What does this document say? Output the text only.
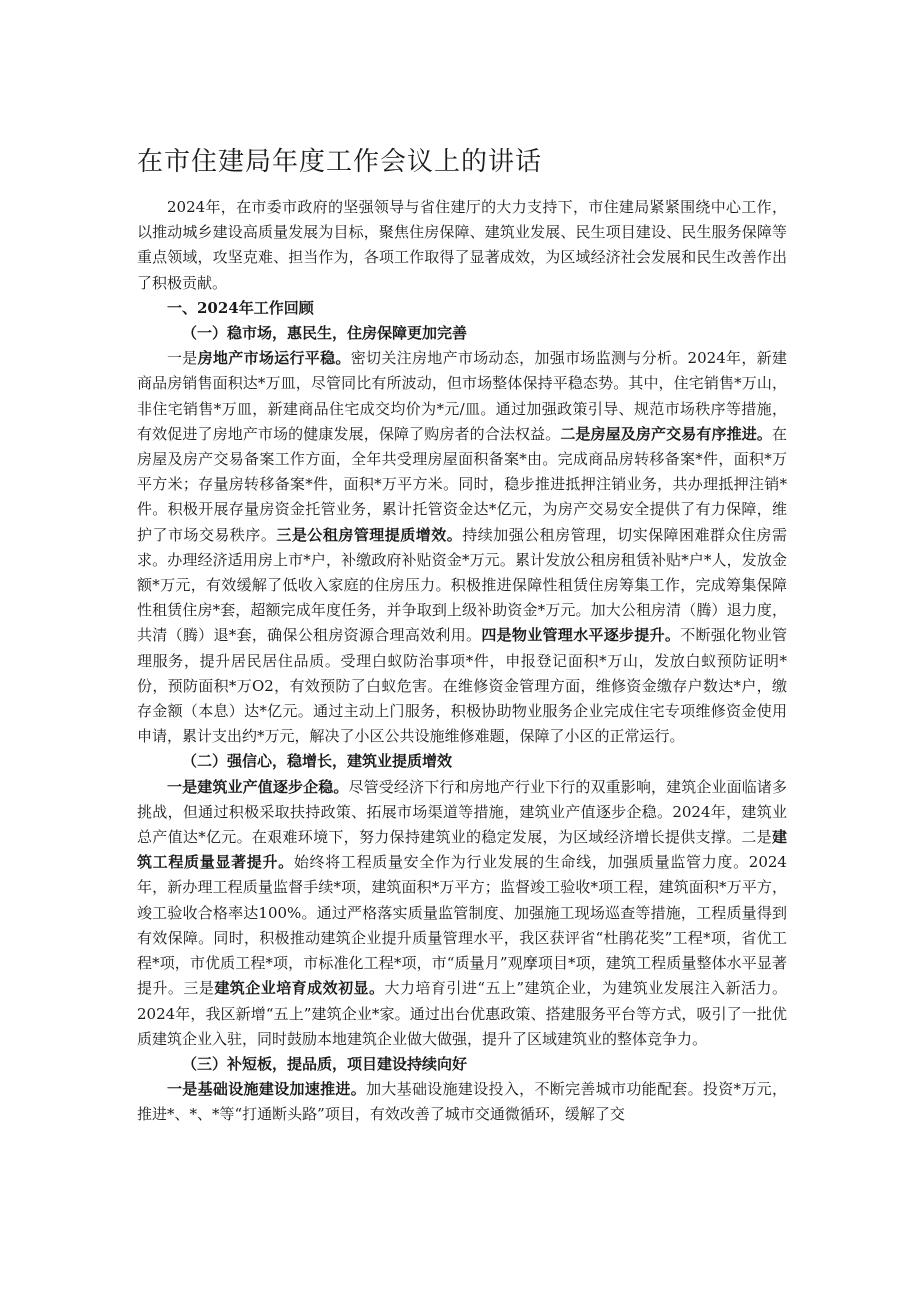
在市住建局年度工作会议上的讲话

2024年，在市委市政府的坚强领导与省住建厅的大力支持下，市住建局紧紧围绕中心工作，以推动城乡建设高质量发展为目标，聚焦住房保障、建筑业发展、民生项目建设、民生服务保障等重点领域，攻坚克难、担当作为，各项工作取得了显著成效，为区域经济社会发展和民生改善作出了积极贡献。

一、2024年工作回顾

（一）稳市场，惠民生，住房保障更加完善

一是房地产市场运行平稳。密切关注房地产市场动态，加强市场监测与分析。2024年，新建商品房销售面积达*万皿，尽管同比有所波动，但市场整体保持平稳态势。其中，住宅销售*万山，非住宅销售*万皿，新建商品住宅成交均价为*元/皿。通过加强政策引导、规范市场秩序等措施，有效促进了房地产市场的健康发展，保障了购房者的合法权益。二是房屋及房产交易有序推进。在房屋及房产交易备案工作方面，全年共受理房屋面积备案*由。完成商品房转移备案*件，面积*万平方米；存量房转移备案*件，面积*万平方米。同时，稳步推进抵押注销业务，共办理抵押注销*件。积极开展存量房资金托管业务，累计托管资金达*亿元，为房产交易安全提供了有力保障，维护了市场交易秩序。三是公租房管理提质增效。持续加强公租房管理，切实保障困难群众住房需求。办理经济适用房上市*户，补缴政府补贴资金*万元。累计发放公租房租赁补贴*户*人，发放金额*万元，有效缓解了低收入家庭的住房压力。积极推进保障性租赁住房筹集工作，完成筹集保障性租赁住房*套，超额完成年度任务，并争取到上级补助资金*万元。加大公租房清（腾）退力度，共清（腾）退*套，确保公租房资源合理高效利用。四是物业管理水平逐步提升。不断强化物业管理服务，提升居民居住品质。受理白蚁防治事项*件，申报登记面积*万山，发放白蚁预防证明*份，预防面积*万O2，有效预防了白蚁危害。在维修资金管理方面，维修资金缴存户数达*户，缴存金额（本息）达*亿元。通过主动上门服务，积极协助物业服务企业完成住宅专项维修资金使用申请，累计支出约*万元，解决了小区公共设施维修难题，保障了小区的正常运行。

（二）强信心，稳增长，建筑业提质增效

一是建筑业产值逐步企稳。尽管受经济下行和房地产行业下行的双重影响，建筑企业面临诸多挑战，但通过积极采取扶持政策、拓展市场渠道等措施，建筑业产值逐步企稳。2024年，建筑业总产值达*亿元。在艰难环境下，努力保持建筑业的稳定发展，为区域经济增长提供支撑。二是建筑工程质量显著提升。始终将工程质量安全作为行业发展的生命线，加强质量监管力度。2024年，新办理工程质量监督手续*项，建筑面积*万平方；监督竣工验收*项工程，建筑面积*万平方，竣工验收合格率达100%。通过严格落实质量监管制度、加强施工现场巡查等措施，工程质量得到有效保障。同时，积极推动建筑企业提升质量管理水平，我区获评省“杜鹃花奖”工程*项，省优工程*项，市优质工程*项，市标准化工程*项，市“质量月”观摩项目*项，建筑工程质量整体水平显著提升。三是建筑企业培育成效初显。大力培育引进“五上”建筑企业，为建筑业发展注入新活力。2024年，我区新增“五上”建筑企业*家。通过出台优惠政策、搭建服务平台等方式，吸引了一批优质建筑企业入驻，同时鼓励本地建筑企业做大做强，提升了区域建筑业的整体竞争力。

（三）补短板，提品质，项目建设持续向好

一是基础设施建设加速推进。加大基础设施建设投入，不断完善城市功能配套。投资*万元，推进*、*、*等“打通断头路”项目，有效改善了城市交通微循环，缓解了交
